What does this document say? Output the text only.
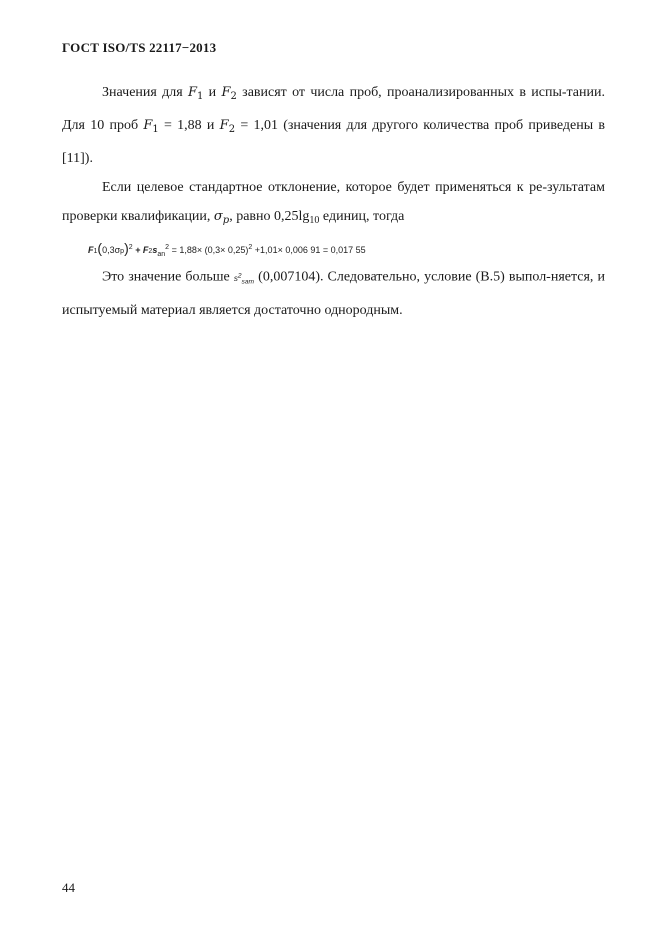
ГОСТ ISO/TS 22117−2013

Значения для $F_1$ и $F_2$ зависят от числа проб, проанализированных в испы-тании. Для 10 проб $F_1 = 1,88$ и $F_2 = 1,01$ (значения для другого количества проб приведены в [11]).

Если целевое стандартное отклонение, которое будет применяться к ре-зультатам проверки квалификации, $\sigma_p$, равно $0,25\lg_{10}$ единиц, тогда

$F1(0,3\sigma p)^2 + F2s_{an}^2 = 1,88\times (0,3\times 0,25)^2 +1,01\times 0,006$ 91 = 0,017 55

Это значение больше $s^2_{sam}$ (0,007104). Следовательно, условие (B.5) выпол-няется, и испытуемый материал является достаточно однородным.

44
